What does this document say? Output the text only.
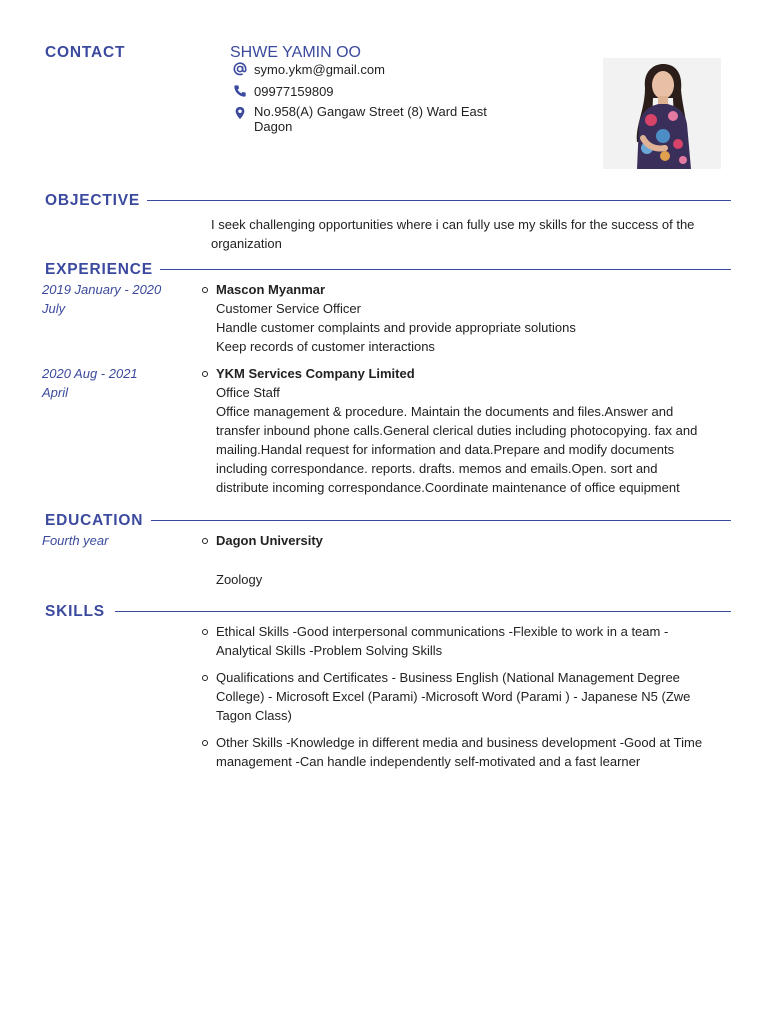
CONTACT	SHWE YAMIN OO
symo.ykm@gmail.com
09977159809
No.958(A) Gangaw Street (8) Ward East
Dagon
OBJECTIVE
I seek challenging opportunities where i can fully use my skills for the success of the
organization
EXPERIENCE
2019 January - 2020
July
Mascon Myanmar
Customer Service Officer
Handle customer complaints and provide appropriate solutions
Keep records of customer interactions
2020 Aug - 2021
April
YKM Services Company Limited
Office Staff
Office management & procedure. Maintain the documents and files.Answer and
transfer inbound phone calls.General clerical duties including photocopying. fax and
mailing.Handal request for information and data.Prepare and modify documents
including correspondance. reports. drafts. memos and emails.Open. sort and
distribute incoming correspondance.Coordinate maintenance of office equipment
EDUCATION
Fourth year	Dagon University
Zoology
SKILLS
Ethical Skills -Good interpersonal communications -Flexible to work in a team -
Analytical Skills -Problem Solving Skills
Qualifications and Certificates - Business English (National Management Degree
College) - Microsoft Excel (Parami) -Microsoft Word (Parami ) - Japanese N5 (Zwe
Tagon Class)
Other Skills -Knowledge in different media and business development -Good at Time
management -Can handle independently self-motivated and a fast learner
